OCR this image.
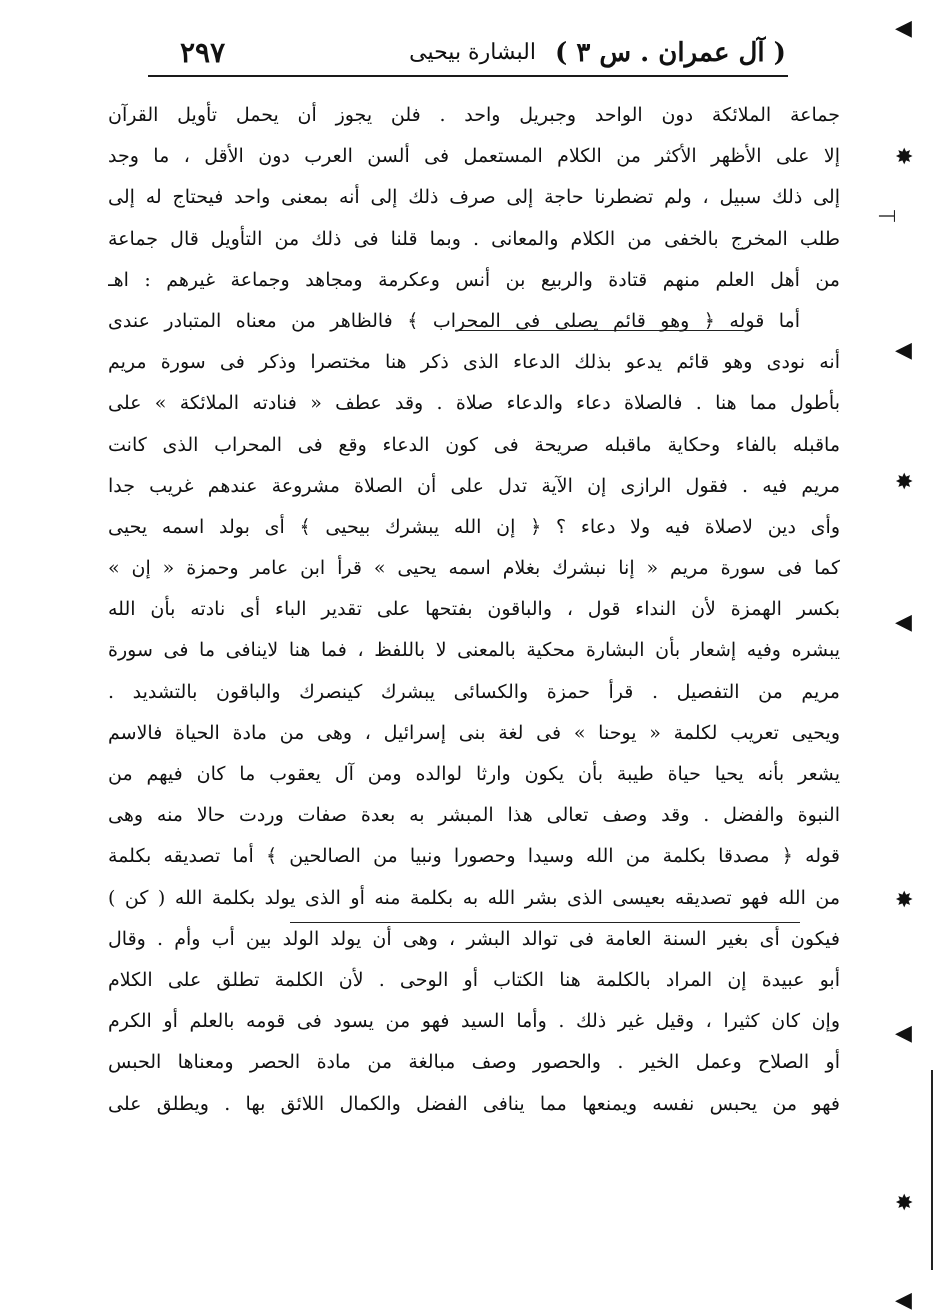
( آل عمران . س ٣ )
البشارة بيحيى
٢٩٧
جماعة الملائكة دون الواحد وجبريل واحد . فلن يجوز أن يحمل تأويل القرآن
إلا على الأظهر الأكثر من الكلام المستعمل فى ألسن العرب دون الأقل ، ما وجد
إلى ذلك سبيل ، ولم تضطرنا حاجة إلى صرف ذلك إلى أنه بمعنى واحد فيحتاج له إلى
طلب المخرج بالخفى من الكلام والمعانى . وبما قلنا فى ذلك من التأويل قال جماعة
من أهل العلم منهم قتادة والربيع بن أنس وعكرمة ومجاهد وجماعة غيرهم : اهـ
أما قوله ﴿ وهو قائم يصلى فى المحراب ﴾ فالظاهر من معناه المتبادر عندى
أنه نودى وهو قائم يدعو بذلك الدعاء الذى ذكر هنا مختصرا وذكر فى سورة مريم
بأطول مما هنا . فالصلاة دعاء والدعاء صلاة . وقد عطف « فنادته الملائكة » على
ماقبله بالفاء وحكاية ماقبله صريحة فى كون الدعاء وقع فى المحراب الذى كانت
مريم فيه . فقول الرازى إن الآية تدل على أن الصلاة مشروعة عندهم غريب جدا
وأى دين لاصلاة فيه ولا دعاء ؟ ﴿ إن الله يبشرك بيحيى ﴾ أى بولد اسمه يحيى
كما فى سورة مريم « إنا نبشرك بغلام اسمه يحيى » قرأ ابن عامر وحمزة « إن »
بكسر الهمزة لأن النداء قول ، والباقون بفتحها على تقدير الباء أى نادته بأن الله
يبشره وفيه إشعار بأن البشارة محكية بالمعنى لا باللفظ ، فما هنا لاينافى ما فى سورة
مريم من التفصيل . قرأ حمزة والكسائى يبشرك كينصرك والباقون بالتشديد .
ويحيى تعريب لكلمة « يوحنا » فى لغة بنى إسرائيل ، وهى من مادة الحياة فالاسم
يشعر بأنه يحيا حياة طيبة بأن يكون وارثا لوالده ومن آل يعقوب ما كان فيهم من
النبوة والفضل . وقد وصف تعالى هذا المبشر به بعدة صفات وردت حالا منه وهى
قوله ﴿ مصدقا بكلمة من الله وسيدا وحصورا ونبيا من الصالحين ﴾ أما تصديقه بكلمة
من الله فهو تصديقه بعيسى الذى بشر الله به بكلمة منه أو الذى يولد بكلمة الله ( كن )
فيكون أى بغير السنة العامة فى توالد البشر ، وهى أن يولد الولد بين أب وأم . وقال
أبو عبيدة إن المراد بالكلمة هنا الكتاب أو الوحى . لأن الكلمة تطلق على الكلام
وإن كان كثيرا ، وقيل غير ذلك . وأما السيد فهو من يسود فى قومه بالعلم أو الكرم
أو الصلاح وعمل الخير . والحصور وصف مبالغة من مادة الحصر ومعناها الحبس
فهو من يحبس نفسه ويمنعها مما ينافى الفضل والكمال اللائق بها . ويطلق على
◀
✸
⟞
◀
✸
◀
✸
◀
✸
◀
